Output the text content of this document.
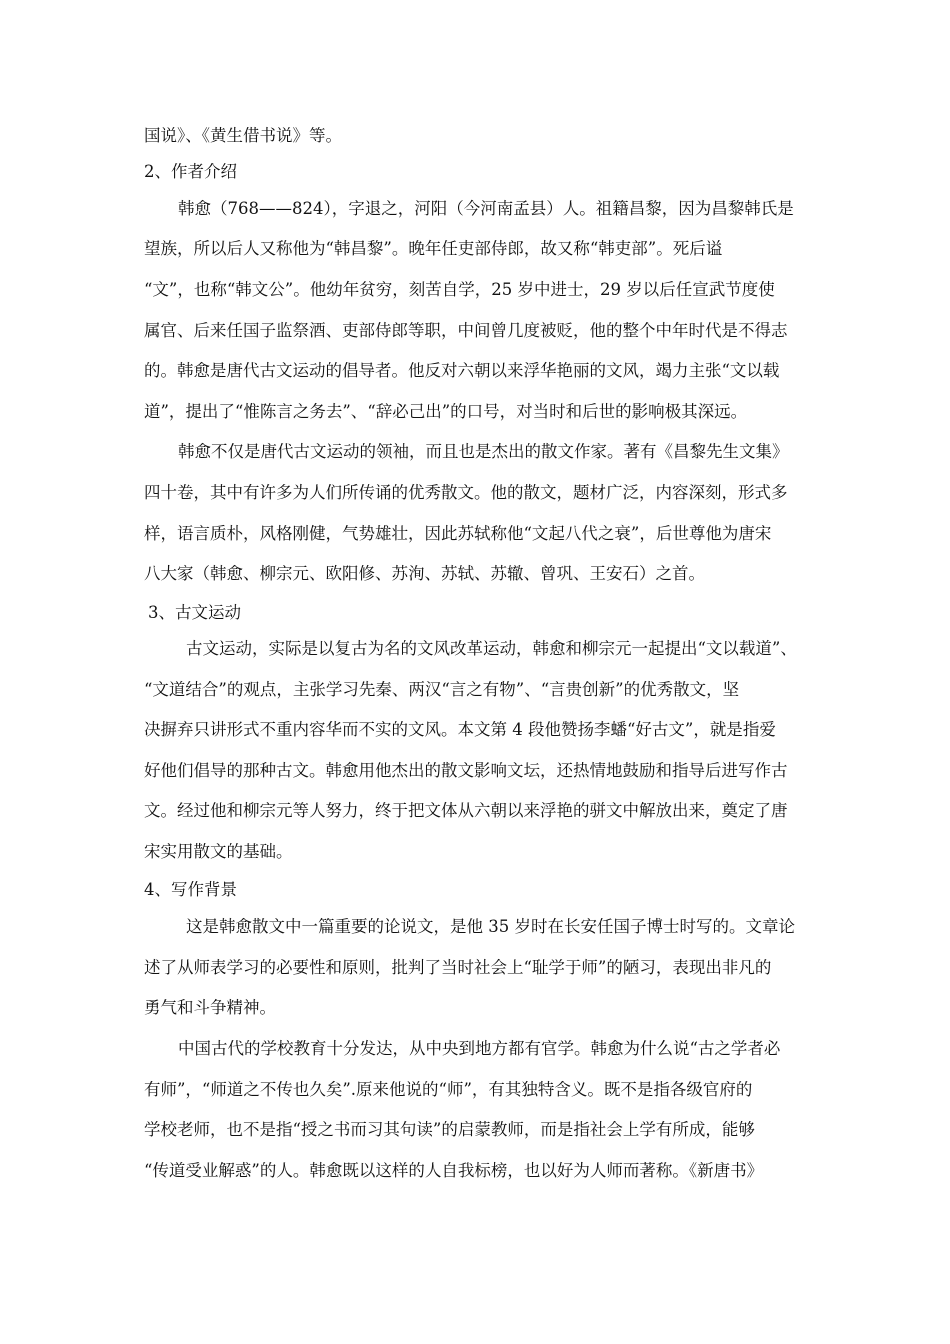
国说》、《黄生借书说》等。
2、作者介绍
韩愈（768——824），字退之，河阳（今河南孟县）人。祖籍昌黎，因为昌黎韩氏是
望族，所以后人又称他为“韩昌黎”。晚年任吏部侍郎，故又称“韩吏部”。死后谥
“文”，也称“韩文公”。他幼年贫穷，刻苦自学，25 岁中进士，29 岁以后任宣武节度使
属官、后来任国子监祭酒、吏部侍郎等职，中间曾几度被贬，他的整个中年时代是不得志
的。韩愈是唐代古文运动的倡导者。他反对六朝以来浮华艳丽的文风，竭力主张“文以载
道”，提出了“惟陈言之务去”、“辞必己出”的口号，对当时和后世的影响极其深远。
韩愈不仅是唐代古文运动的领袖，而且也是杰出的散文作家。著有《昌黎先生文集》
四十卷，其中有许多为人们所传诵的优秀散文。他的散文，题材广泛，内容深刻，形式多
样，语言质朴，风格刚健，气势雄壮，因此苏轼称他“文起八代之衰”，后世尊他为唐宋
八大家（韩愈、柳宗元、欧阳修、苏洵、苏轼、苏辙、曾巩、王安石）之首。
3、古文运动
古文运动，实际是以复古为名的文风改革运动，韩愈和柳宗元一起提出“文以载道”、
“文道结合”的观点，主张学习先秦、两汉“言之有物”、“言贵创新”的优秀散文，坚
决摒弃只讲形式不重内容华而不实的文风。本文第 4 段他赞扬李蟠“好古文”，就是指爱
好他们倡导的那种古文。韩愈用他杰出的散文影响文坛，还热情地鼓励和指导后进写作古
文。经过他和柳宗元等人努力，终于把文体从六朝以来浮艳的骈文中解放出来，奠定了唐
宋实用散文的基础。
4、写作背景
这是韩愈散文中一篇重要的论说文，是他 35 岁时在长安任国子博士时写的。文章论
述了从师表学习的必要性和原则，批判了当时社会上“耻学于师”的陋习，表现出非凡的
勇气和斗争精神。
中国古代的学校教育十分发达，从中央到地方都有官学。韩愈为什么说“古之学者必
有师”，“师道之不传也久矣”.原来他说的“师”，有其独特含义。既不是指各级官府的
学校老师，也不是指“授之书而习其句读”的启蒙教师，而是指社会上学有所成，能够
“传道受业解惑”的人。韩愈既以这样的人自我标榜，也以好为人师而著称。《新唐书》
